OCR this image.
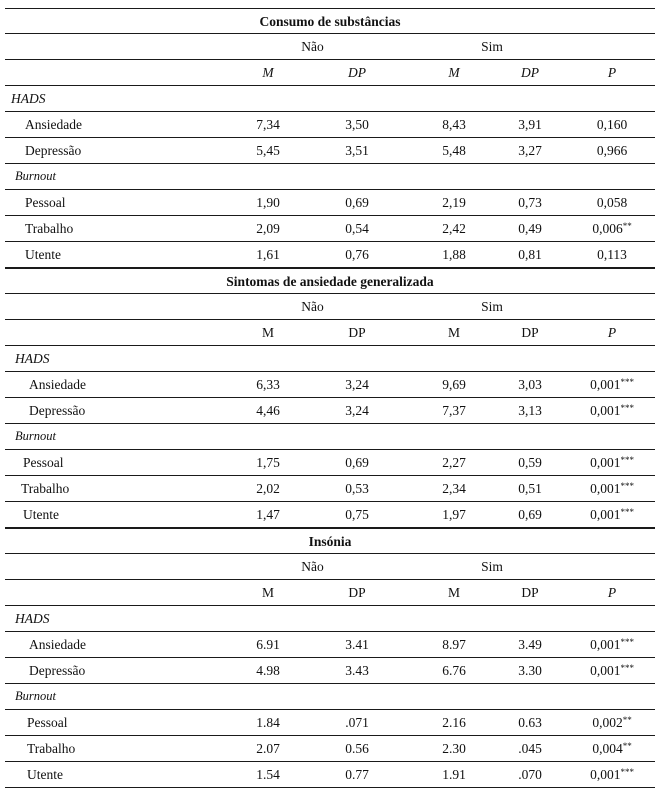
Consumo de substâncias
Não	Sim
M	DP	M	DP	P
HADS
Ansiedade	7,34	3,50	8,43	3,91	0,160
Depressão	5,45	3,51	5,48	3,27	0,966
Burnout
Pessoal	1,90	0,69	2,19	0,73	0,058
Trabalho	2,09	0,54	2,42	0,49	0,006**
Utente	1,61	0,76	1,88	0,81	0,113
Sintomas de ansiedade generalizada
Não	Sim
M	DP	M	DP	P
HADS
Ansiedade	6,33	3,24	9,69	3,03	0,001***
Depressão	4,46	3,24	7,37	3,13	0,001***
Burnout
Pessoal	1,75	0,69	2,27	0,59	0,001***
Trabalho	2,02	0,53	2,34	0,51	0,001***
Utente	1,47	0,75	1,97	0,69	0,001***
Insónia
Não	Sim
M	DP	M	DP	P
HADS
Ansiedade	6.91	3.41	8.97	3.49	0,001***
Depressão	4.98	3.43	6.76	3.30	0,001***
Burnout
Pessoal	1.84	.071	2.16	0.63	0,002**
Trabalho	2.07	0.56	2.30	.045	0,004**
Utente	1.54	0.77	1.91	.070	0,001***
